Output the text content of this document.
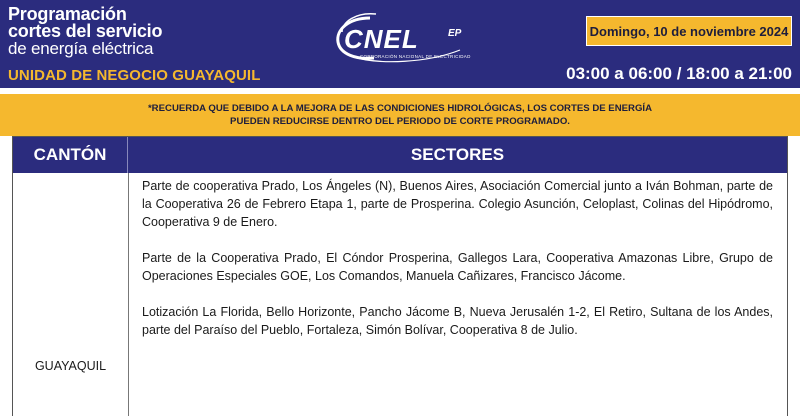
Programación
cortes del servicio
de energía eléctrica
UNIDAD DE NEGOCIO GUAYAQUIL
CNEL	EP
CORPORACIÓN NACIONAL DE ELECTRICIDAD
Domingo, 10 de noviembre 2024
03:00 a 06:00 / 18:00 a 21:00
*RECUERDA QUE DEBIDO A LA MEJORA DE LAS CONDICIONES HIDROLÓGICAS, LOS CORTES DE ENERGÍA
PUEDEN REDUCIRSE DENTRO DEL PERIODO DE CORTE PROGRAMADO.
CANTÓN	SECTORES
GUAYAQUIL

Parte de cooperativa Prado, Los Ángeles (N), Buenos Aires, Asociación Comercial junto a Iván Bohman, parte de la Cooperativa 26 de Febrero Etapa 1, parte de Prosperina. Colegio Asunción, Celoplast, Colinas del Hipódromo, Cooperativa 9 de Enero.

Parte de la Cooperativa Prado, El Cóndor Prosperina, Gallegos Lara, Cooperativa Amazonas Libre, Grupo de Operaciones Especiales GOE, Los Comandos, Manuela Cañizares, Francisco Jácome.

Lotización La Florida, Bello Horizonte, Pancho Jácome B, Nueva Jerusalén 1-2, El Retiro, Sultana de los Andes, parte del Paraíso del Pueblo, Fortaleza, Simón Bolívar, Cooperativa 8 de Julio.
